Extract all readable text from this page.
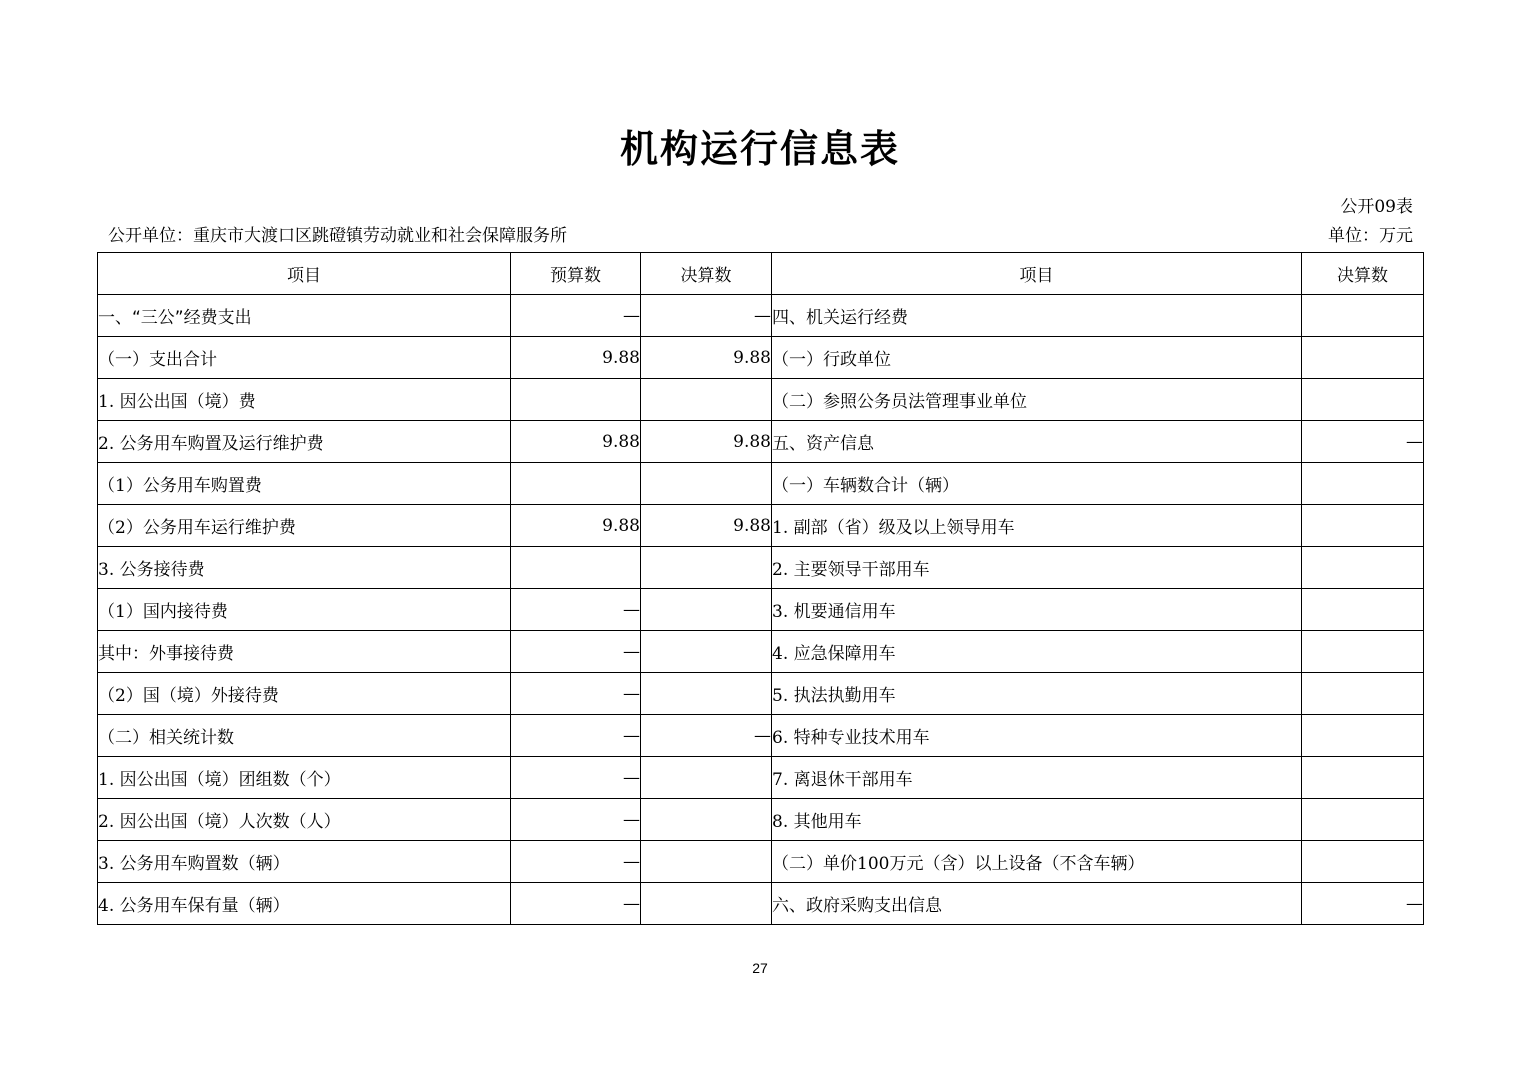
机构运行信息表
公开09表
公开单位：重庆市大渡口区跳磴镇劳动就业和社会保障服务所	单位：万元
项目	预算数	决算数	项目	决算数
一、“三公”经费支出	—	—	四、机关运行经费	
（一）支出合计	9.88	9.88	（一）行政单位	
1. 因公出国（境）费			（二）参照公务员法管理事业单位	
2. 公务用车购置及运行维护费	9.88	9.88	五、资产信息	—
（1）公务用车购置费			（一）车辆数合计（辆）	
（2）公务用车运行维护费	9.88	9.88	1. 副部（省）级及以上领导用车	
3. 公务接待费			2. 主要领导干部用车	
（1）国内接待费	—		3. 机要通信用车	
其中：外事接待费	—		4. 应急保障用车	
（2）国（境）外接待费	—		5. 执法执勤用车	
（二）相关统计数	—	—	6. 特种专业技术用车	
1. 因公出国（境）团组数（个）	—		7. 离退休干部用车	
2. 因公出国（境）人次数（人）	—		8. 其他用车	
3. 公务用车购置数（辆）	—		（二）单价100万元（含）以上设备（不含车辆）	
4. 公务用车保有量（辆）	—		六、政府采购支出信息	—
27
